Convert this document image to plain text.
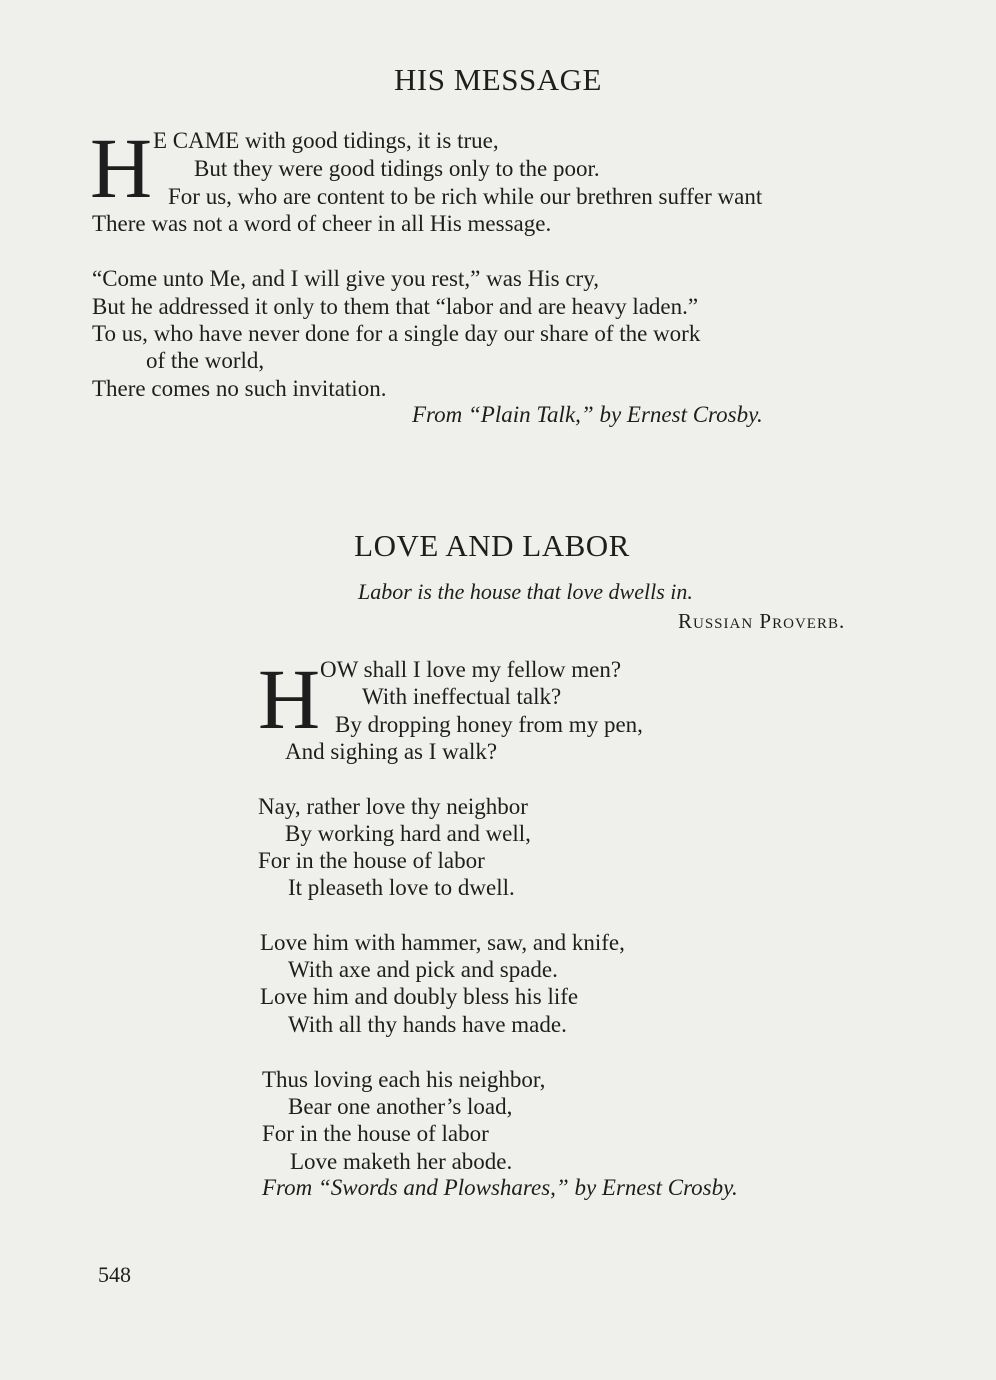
HIS MESSAGE
H E CAME with good tidings, it is true,
But they were good tidings only to the poor.
For us, who are content to be rich while our brethren suffer want
There was not a word of cheer in all His message.
“Come unto Me, and I will give you rest,” was His cry,
But he addressed it only to them that “labor and are heavy laden.”
To us, who have never done for a single day our share of the work
of the world,
There comes no such invitation.
From “Plain Talk,” by Ernest Crosby.
LOVE AND LABOR
Labor is the house that love dwells in.
Russian Proverb.
H OW shall I love my fellow men?
With ineffectual talk?
By dropping honey from my pen,
And sighing as I walk?
Nay, rather love thy neighbor
By working hard and well,
For in the house of labor
It pleaseth love to dwell.
Love him with hammer, saw, and knife,
With axe and pick and spade.
Love him and doubly bless his life
With all thy hands have made.
Thus loving each his neighbor,
Bear one another’s load,
For in the house of labor
Love maketh her abode.
From “Swords and Plowshares,” by Ernest Crosby.
548
